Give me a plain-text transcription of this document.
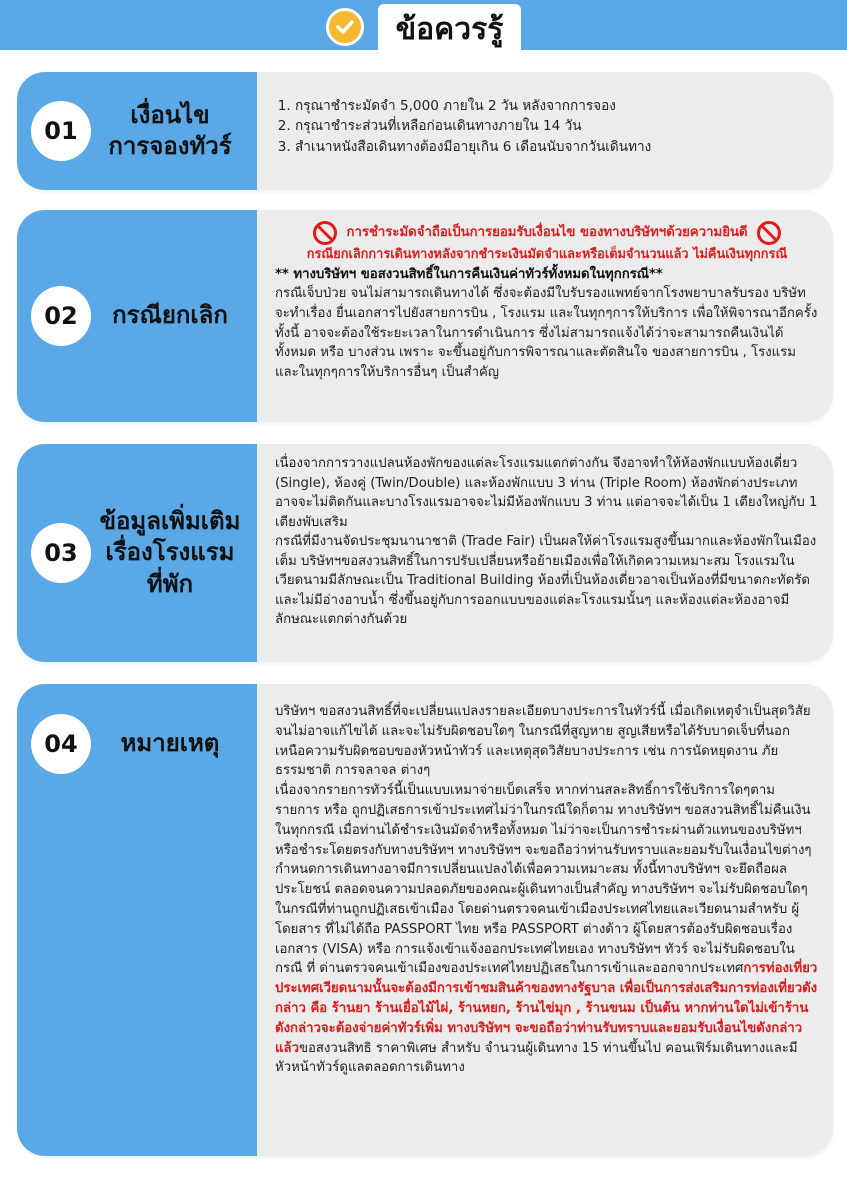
ข้อควรรู้
01
เงื่อนไข
การจองทัวร์
1. กรุณาชำระมัดจำ 5,000 ภายใน 2 วัน หลังจากการจอง
2. กรุณาชำระส่วนที่เหลือก่อนเดินทางภายใน 14 วัน
3. สำเนาหนังสือเดินทางต้องมีอายุเกิน 6 เดือนนับจากวันเดินทาง
02	กรณียกเลิก
การชำระมัดจำถือเป็นการยอมรับเงื่อนไข ของทางบริษัทฯด้วยความยินดี

กรณียกเลิกการเดินทางหลังจากชำระเงินมัดจำและหรือเต็มจำนวนแล้ว ไม่คืนเงินทุกกรณี

** ทางบริษัทฯ ขอสงวนสิทธิ์ในการคืนเงินค่าทัวร์ทั้งหมดในทุกกรณี**

กรณีเจ็บป่วย จนไม่สามารถเดินทางได้ ซึ่งจะต้องมีใบรับรองแพทย์จากโรงพยาบาลรับรอง บริษัทจะทำเรื่อง ยื่นเอกสารไปยังสายการบิน , โรงแรม และในทุกๆการให้บริการ เพื่อให้พิจารณาอีกครั้ง ทั้งนี้ อาจจะต้องใช้ระยะเวลาในการดำเนินการ ซึ่งไม่สามารถแจ้งได้ว่าจะสามารถคืนเงินได้ทั้งหมด หรือ บางส่วน เพราะ จะขึ้นอยู่กับการพิจารณาและตัดสินใจ ของสายการบิน , โรงแรม และในทุกๆการให้บริการอื่นๆ เป็นสำคัญ

03
ข้อมูลเพิ่มเติม
เรื่องโรงแรม
ที่พัก

เนื่องจากการวางแปลนห้องพักของแต่ละโรงแรมแตกต่างกัน จึงอาจทำให้ห้องพักแบบห้องเดี่ยว (Single), ห้องคู่ (Twin/Double) และห้องพักแบบ 3 ท่าน (Triple Room) ห้องพักต่างประเภทอาจจะไม่ติดกันและบางโรงแรมอาจจะไม่มีห้องพักแบบ 3 ท่าน แต่อาจจะได้เป็น 1 เตียงใหญ่กับ 1 เตียงพับเสริม

กรณีที่มีงานจัดประชุมนานาชาติ (Trade Fair) เป็นผลให้ค่าโรงแรมสูงขึ้นมากและห้องพักในเมืองเต็ม บริษัทฯขอสงวนสิทธิ์ในการปรับเปลี่ยนหรือย้ายเมืองเพื่อให้เกิดความเหมาะสม โรงแรมในเวียดนามมีลักษณะเป็น Traditional Building ห้องที่เป็นห้องเดี่ยวอาจเป็นห้องที่มีขนาดกะทัดรัด และไม่มีอ่างอาบน้ำ ซึ่งขึ้นอยู่กับการออกแบบของแต่ละโรงแรมนั้นๆ และห้องแต่ละห้องอาจมีลักษณะแตกต่างกันด้วย

04	หมายเหตุ

บริษัทฯ ขอสงวนสิทธิ์ที่จะเปลี่ยนแปลงรายละเอียดบางประการในทัวร์นี้ เมื่อเกิดเหตุจำเป็นสุดวิสัยจนไม่อาจแก้ไขได้ และจะไม่รับผิดชอบใดๆ ในกรณีที่สูญหาย สูญเสียหรือได้รับบาดเจ็บที่นอกเหนือความรับผิดชอบของหัวหน้าทัวร์ และเหตุสุดวิสัยบางประการ เช่น การนัดหยุดงาน ภัยธรรมชาติ การจลาจล ต่างๆ

เนื่องจากรายการทัวร์นี้เป็นแบบเหมาจ่ายเบ็ดเสร็จ หากท่านสละสิทธิ์การใช้บริการใดๆตามรายการ หรือ ถูกปฏิเสธการเข้าประเทศไม่ว่าในกรณีใดก็ตาม ทางบริษัทฯ ขอสงวนสิทธิ์ไม่คืนเงินในทุกกรณี เมื่อท่านได้ชำระเงินมัดจำหรือทั้งหมด ไม่ว่าจะเป็นการชำระผ่านตัวแทนของบริษัทฯ หรือชำระโดยตรงกับทางบริษัทฯ ทางบริษัทฯ จะขอถือว่าท่านรับทราบและยอมรับในเงื่อนไขต่างๆกำหนดการเดินทางอาจมีการเปลี่ยนแปลงได้เพื่อความเหมาะสม ทั้งนี้ทางบริษัทฯ จะยึดถือผลประโยชน์ ตลอดจนความปลอดภัยของคณะผู้เดินทางเป็นสำคัญ ทางบริษัทฯ จะไม่รับผิดชอบใดๆ ในกรณีที่ท่านถูกปฏิเสธเข้าเมือง โดยด่านตรวจคนเข้าเมืองประเทศไทยและเวียดนามสำหรับ ผู้โดยสาร ที่ไม่ได้ถือ PASSPORT ไทย หรือ PASSPORT ต่างด้าว ผู้โดยสารต้องรับผิดชอบเรื่องเอกสาร (VISA) หรือ การแจ้งเข้าแจ้งออกประเทศไทยเอง ทางบริษัทฯ ทัวร์ จะไม่รับผิดชอบในกรณี ที่ ด่านตรวจคนเข้าเมืองของประเทศไทยปฏิเสธในการเข้าและออกจากประเทศการท่องเที่ยวประเทศเวียดนามนั้นจะต้องมีการเข้าชมสินค้าของทางรัฐบาล เพื่อเป็นการส่งเสริมการท่องเที่ยวดังกล่าว คือ ร้านยา ร้านเยื่อไม้ไผ่, ร้านหยก, ร้านไข่มุก , ร้านขนม เป็นต้น หากท่านใดไม่เข้าร้านดังกล่าวจะต้องจ่ายค่าทัวร์เพิ่ม ทางบริษัทฯ จะขอถือว่าท่านรับทราบและยอมรับเงื่อนไขดังกล่าวแล้วขอสงวนสิทธิ ราคาพิเศษ สำหรับ จำนวนผู้เดินทาง 15 ท่านขึ้นไป คอนเฟิร์มเดินทางและมีหัวหน้าทัวร์ดูแลตลอดการเดินทาง
